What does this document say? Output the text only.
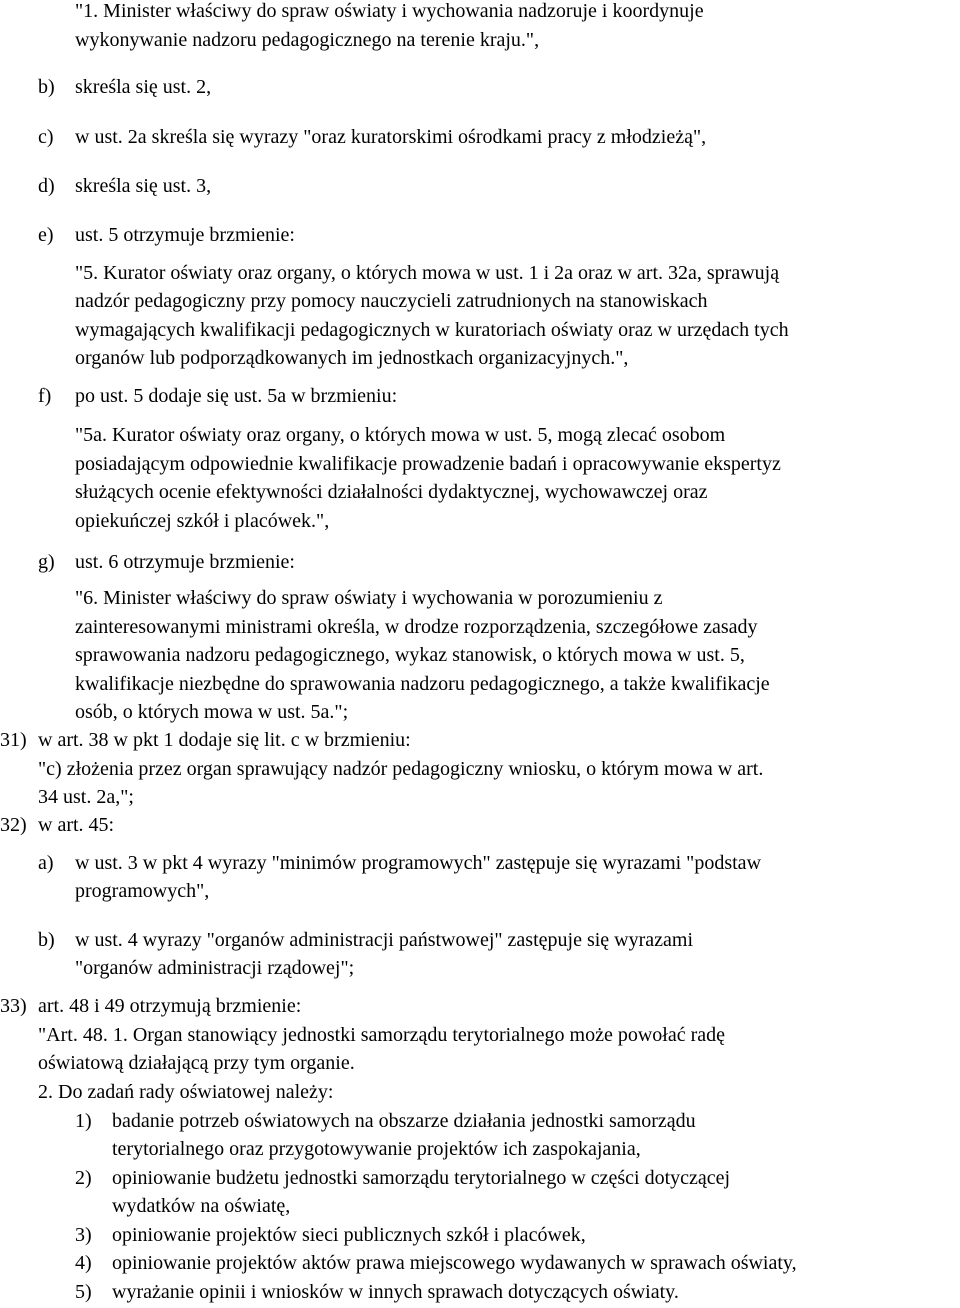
"1. Minister właściwy do spraw oświaty i wychowania nadzoruje i koordynuje
wykonywanie nadzoru pedagogicznego na terenie kraju.",
b) skreśla się ust. 2,
c) w ust. 2a skreśla się wyrazy "oraz kuratorskimi ośrodkami pracy z młodzieżą",
d) skreśla się ust. 3,
e) ust. 5 otrzymuje brzmienie:
"5. Kurator oświaty oraz organy, o których mowa w ust. 1 i 2a oraz w art. 32a, sprawują
nadzór pedagogiczny przy pomocy nauczycieli zatrudnionych na stanowiskach
wymagających kwalifikacji pedagogicznych w kuratoriach oświaty oraz w urzędach tych
organów lub podporządkowanych im jednostkach organizacyjnych.",
f) po ust. 5 dodaje się ust. 5a w brzmieniu:
"5a. Kurator oświaty oraz organy, o których mowa w ust. 5, mogą zlecać osobom
posiadającym odpowiednie kwalifikacje prowadzenie badań i opracowywanie ekspertyz
służących ocenie efektywności działalności dydaktycznej, wychowawczej oraz
opiekuńczej szkół i placówek.",
g) ust. 6 otrzymuje brzmienie:
"6. Minister właściwy do spraw oświaty i wychowania w porozumieniu z
zainteresowanymi ministrami określa, w drodze rozporządzenia, szczegółowe zasady
sprawowania nadzoru pedagogicznego, wykaz stanowisk, o których mowa w ust. 5,
kwalifikacje niezbędne do sprawowania nadzoru pedagogicznego, a także kwalifikacje
osób, o których mowa w ust. 5a.";
31) w art. 38 w pkt 1 dodaje się lit. c w brzmieniu:
"c) złożenia przez organ sprawujący nadzór pedagogiczny wniosku, o którym mowa w art.
34 ust. 2a,";
32) w art. 45:
a) w ust. 3 w pkt 4 wyrazy "minimów programowych" zastępuje się wyrazami "podstaw
programowych",
b) w ust. 4 wyrazy "organów administracji państwowej" zastępuje się wyrazami
"organów administracji rządowej";
33) art. 48 i 49 otrzymują brzmienie:
"Art. 48. 1. Organ stanowiący jednostki samorządu terytorialnego może powołać radę
oświatową działającą przy tym organie.
2. Do zadań rady oświatowej należy:
1) badanie potrzeb oświatowych na obszarze działania jednostki samorządu
terytorialnego oraz przygotowywanie projektów ich zaspokajania,
2) opiniowanie budżetu jednostki samorządu terytorialnego w części dotyczącej
wydatków na oświatę,
3) opiniowanie projektów sieci publicznych szkół i placówek,
4) opiniowanie projektów aktów prawa miejscowego wydawanych w sprawach oświaty,
5) wyrażanie opinii i wniosków w innych sprawach dotyczących oświaty.
